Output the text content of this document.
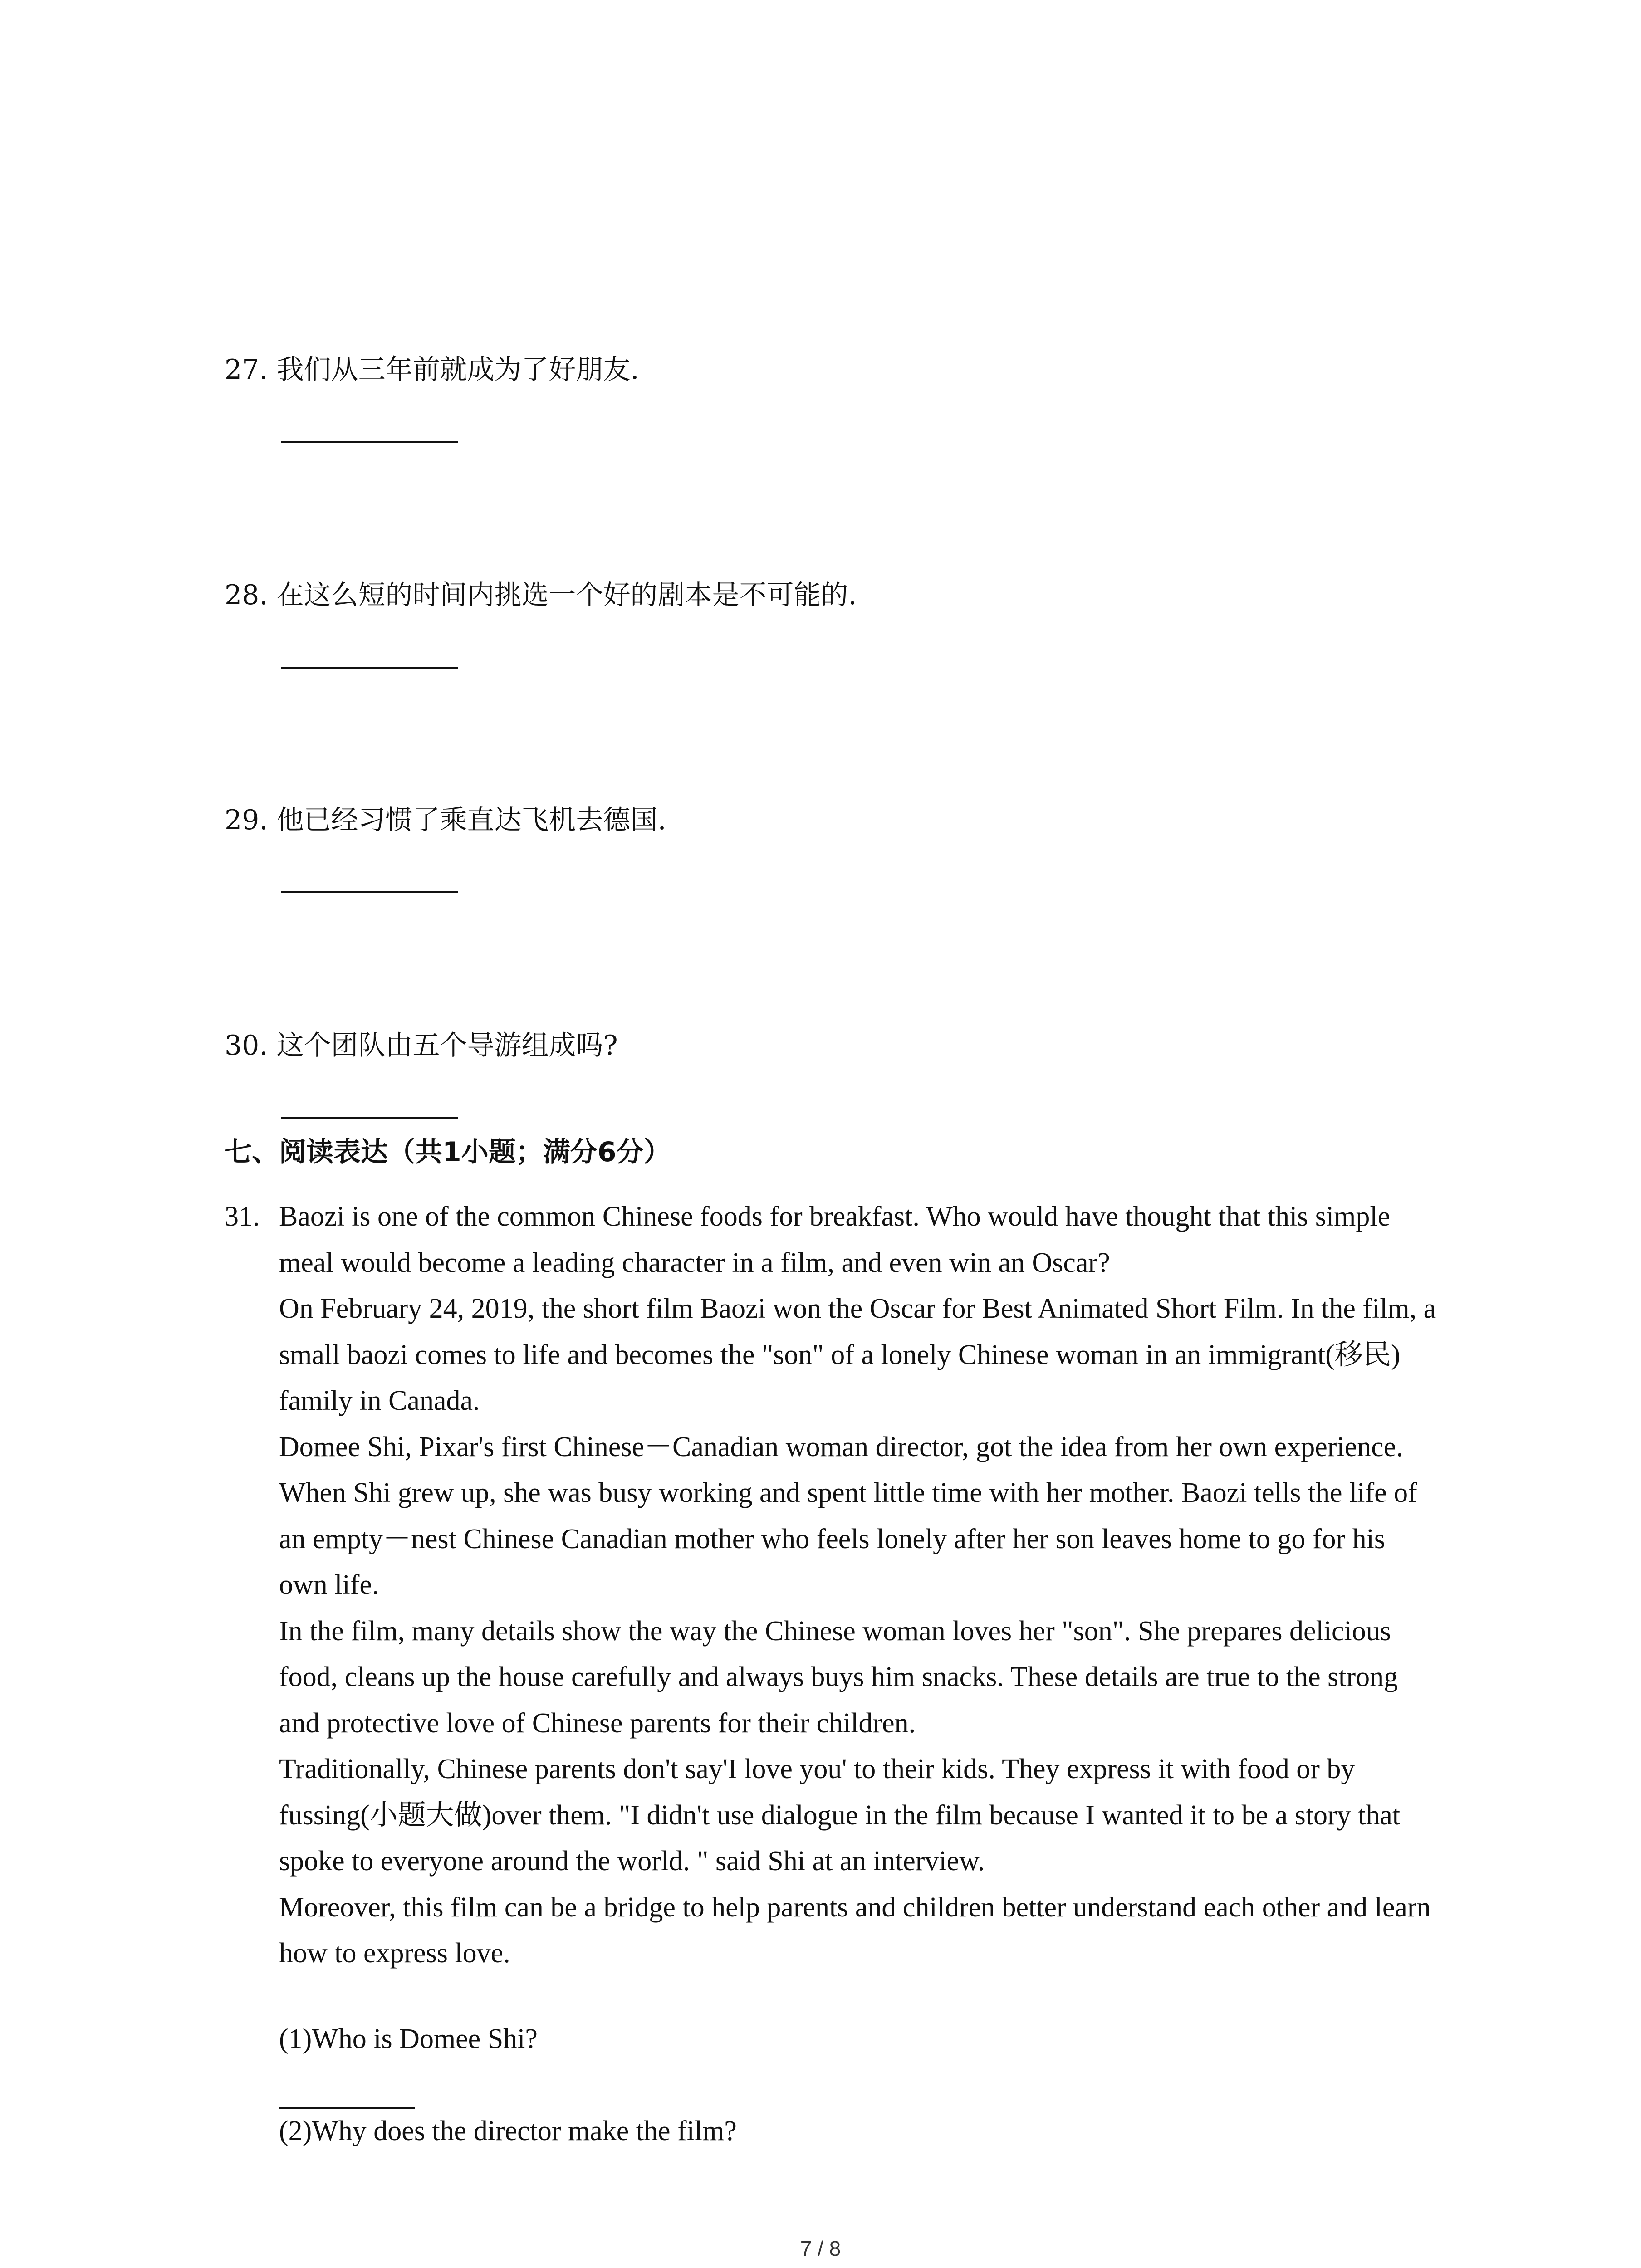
27. 我们从三年前就成为了好朋友.
28. 在这么短的时间内挑选一个好的剧本是不可能的.
29. 他已经习惯了乘直达飞机去德国.
30. 这个团队由五个导游组成吗?
七、阅读表达（共1小题；满分6分）
31. Baozi is one of the common Chinese foods for breakfast. Who would have thought that this simple meal would become a leading character in a film, and even win an Oscar?

On February 24, 2019, the short film Baozi won the Oscar for Best Animated Short Film. In the film, a small baozi comes to life and becomes the "son" of a lonely Chinese woman in an immigrant(移民) family in Canada.

Domee Shi, Pixar's first Chinese－Canadian woman director, got the idea from her own experience. When Shi grew up, she was busy working and spent little time with her mother. Baozi tells the life of an empty－nest Chinese Canadian mother who feels lonely after her son leaves home to go for his own life.

In the film, many details show the way the Chinese woman loves her "son". She prepares delicious food, cleans up the house carefully and always buys him snacks. These details are true to the strong and protective love of Chinese parents for their children.

Traditionally, Chinese parents don't say'I love you' to their kids. They express it with food or by fussing(小题大做)over them. "I didn't use dialogue in the film because I wanted it to be a story that spoke to everyone around the world. " said Shi at an interview.

Moreover, this film can be a bridge to help parents and children better understand each other and learn how to express love.

(1)Who is Domee Shi?
(2)Why does the director make the film?
7 / 8
